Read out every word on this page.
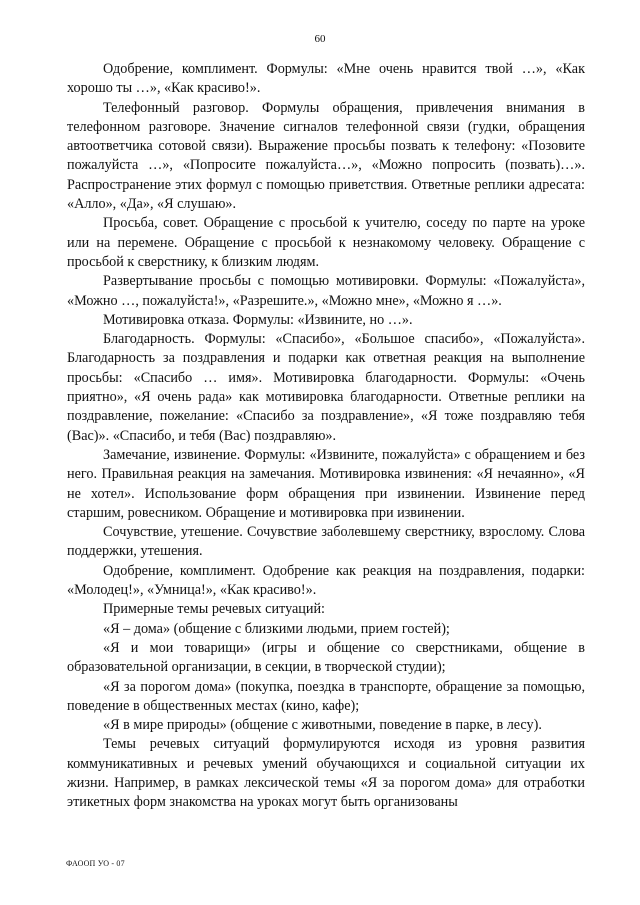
60

Одобрение, комплимент. Формулы: «Мне очень нравится твой …», «Как хорошо ты …», «Как красиво!».

Телефонный разговор. Формулы обращения, привлечения внимания в телефонном разговоре. Значение сигналов телефонной связи (гудки, обращения автоответчика сотовой связи). Выражение просьбы позвать к телефону: «Позовите пожалуйста …», «Попросите пожалуйста…», «Можно попросить (позвать)…». Распространение этих формул с помощью приветствия. Ответные реплики адресата: «Алло», «Да», «Я слушаю».

Просьба, совет. Обращение с просьбой к учителю, соседу по парте на уроке или на перемене. Обращение с просьбой к незнакомому человеку. Обращение с просьбой к сверстнику, к близким людям.

Развертывание просьбы с помощью мотивировки. Формулы: «Пожалуйста», «Можно …, пожалуйста!», «Разрешите.», «Можно мне», «Можно я …».

Мотивировка отказа. Формулы: «Извините, но …».

Благодарность. Формулы: «Спасибо», «Большое спасибо», «Пожалуйста». Благодарность за поздравления и подарки как ответная реакция на выполнение просьбы: «Спасибо … имя». Мотивировка благодарности. Формулы: «Очень приятно», «Я очень рада» как мотивировка благодарности. Ответные реплики на поздравление, пожелание: «Спасибо за поздравление», «Я тоже поздравляю тебя (Вас)». «Спасибо, и тебя (Вас) поздравляю».

Замечание, извинение. Формулы: «Извините, пожалуйста» с обращением и без него. Правильная реакция на замечания. Мотивировка извинения: «Я нечаянно», «Я не хотел». Использование форм обращения при извинении. Извинение перед старшим, ровесником. Обращение и мотивировка при извинении.

Сочувствие, утешение. Сочувствие заболевшему сверстнику, взрослому. Слова поддержки, утешения.

Одобрение, комплимент. Одобрение как реакция на поздравления, подарки: «Молодец!», «Умница!», «Как красиво!».

Примерные темы речевых ситуаций:

«Я – дома» (общение с близкими людьми, прием гостей);

«Я и мои товарищи» (игры и общение со сверстниками, общение в образовательной организации, в секции, в творческой студии);

«Я за порогом дома» (покупка, поездка в транспорте, обращение за помощью, поведение в общественных местах (кино, кафе);

«Я в мире природы» (общение с животными, поведение в парке, в лесу).

Темы речевых ситуаций формулируются исходя из уровня развития коммуникативных и речевых умений обучающихся и социальной ситуации их жизни. Например, в рамках лексической темы «Я за порогом дома» для отработки этикетных форм знакомства на уроках могут быть организованы

ФАООП УО - 07
